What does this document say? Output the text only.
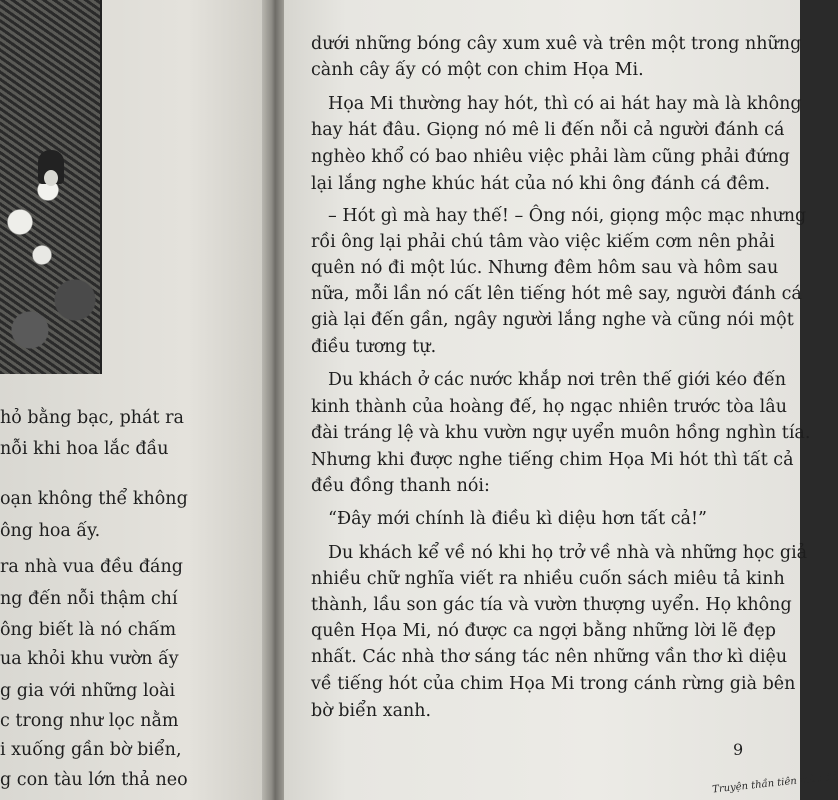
hỏ bằng bạc, phát ra
nỗi khi hoa lắc đầu
oạn không thể không
ông hoa ấy.
ra nhà vua đều đáng
ng đến nỗi thậm chí
ông biết là nó chấm
ua khỏi khu vườn ấy
g gia với những loài
c trong như lọc nằm
i xuống gần bờ biển,
g con tàu lớn thả neo
dưới những bóng cây xum xuê và trên một trong những
cành cây ấy có một con chim Họa Mi.
Họa Mi thường hay hót, thì có ai hát hay mà là không
hay hát đâu. Giọng nó mê li đến nỗi cả người đánh cá
nghèo khổ có bao nhiêu việc phải làm cũng phải đứng
lại lắng nghe khúc hát của nó khi ông đánh cá đêm.
– Hót gì mà hay thế! – Ông nói, giọng mộc mạc nhưng
rồi ông lại phải chú tâm vào việc kiếm cơm nên phải
quên nó đi một lúc. Nhưng đêm hôm sau và hôm sau
nữa, mỗi lần nó cất lên tiếng hót mê say, người đánh cá
già lại đến gần, ngây người lắng nghe và cũng nói một
điều tương tự.
Du khách ở các nước khắp nơi trên thế giới kéo đến
kinh thành của hoàng đế, họ ngạc nhiên trước tòa lâu
đài tráng lệ và khu vườn ngự uyển muôn hồng nghìn tía.
Nhưng khi được nghe tiếng chim Họa Mi hót thì tất cả
đều đồng thanh nói:
“Đây mới chính là điều kì diệu hơn tất cả!”
Du khách kể về nó khi họ trở về nhà và những học giả
nhiều chữ nghĩa viết ra nhiều cuốn sách miêu tả kinh
thành, lầu son gác tía và vườn thượng uyển. Họ không
quên Họa Mi, nó được ca ngợi bằng những lời lẽ đẹp
nhất. Các nhà thơ sáng tác nên những vần thơ kì diệu
về tiếng hót của chim Họa Mi trong cánh rừng già bên
bờ biển xanh.
9
Truyện thần tiên màu đỏ
